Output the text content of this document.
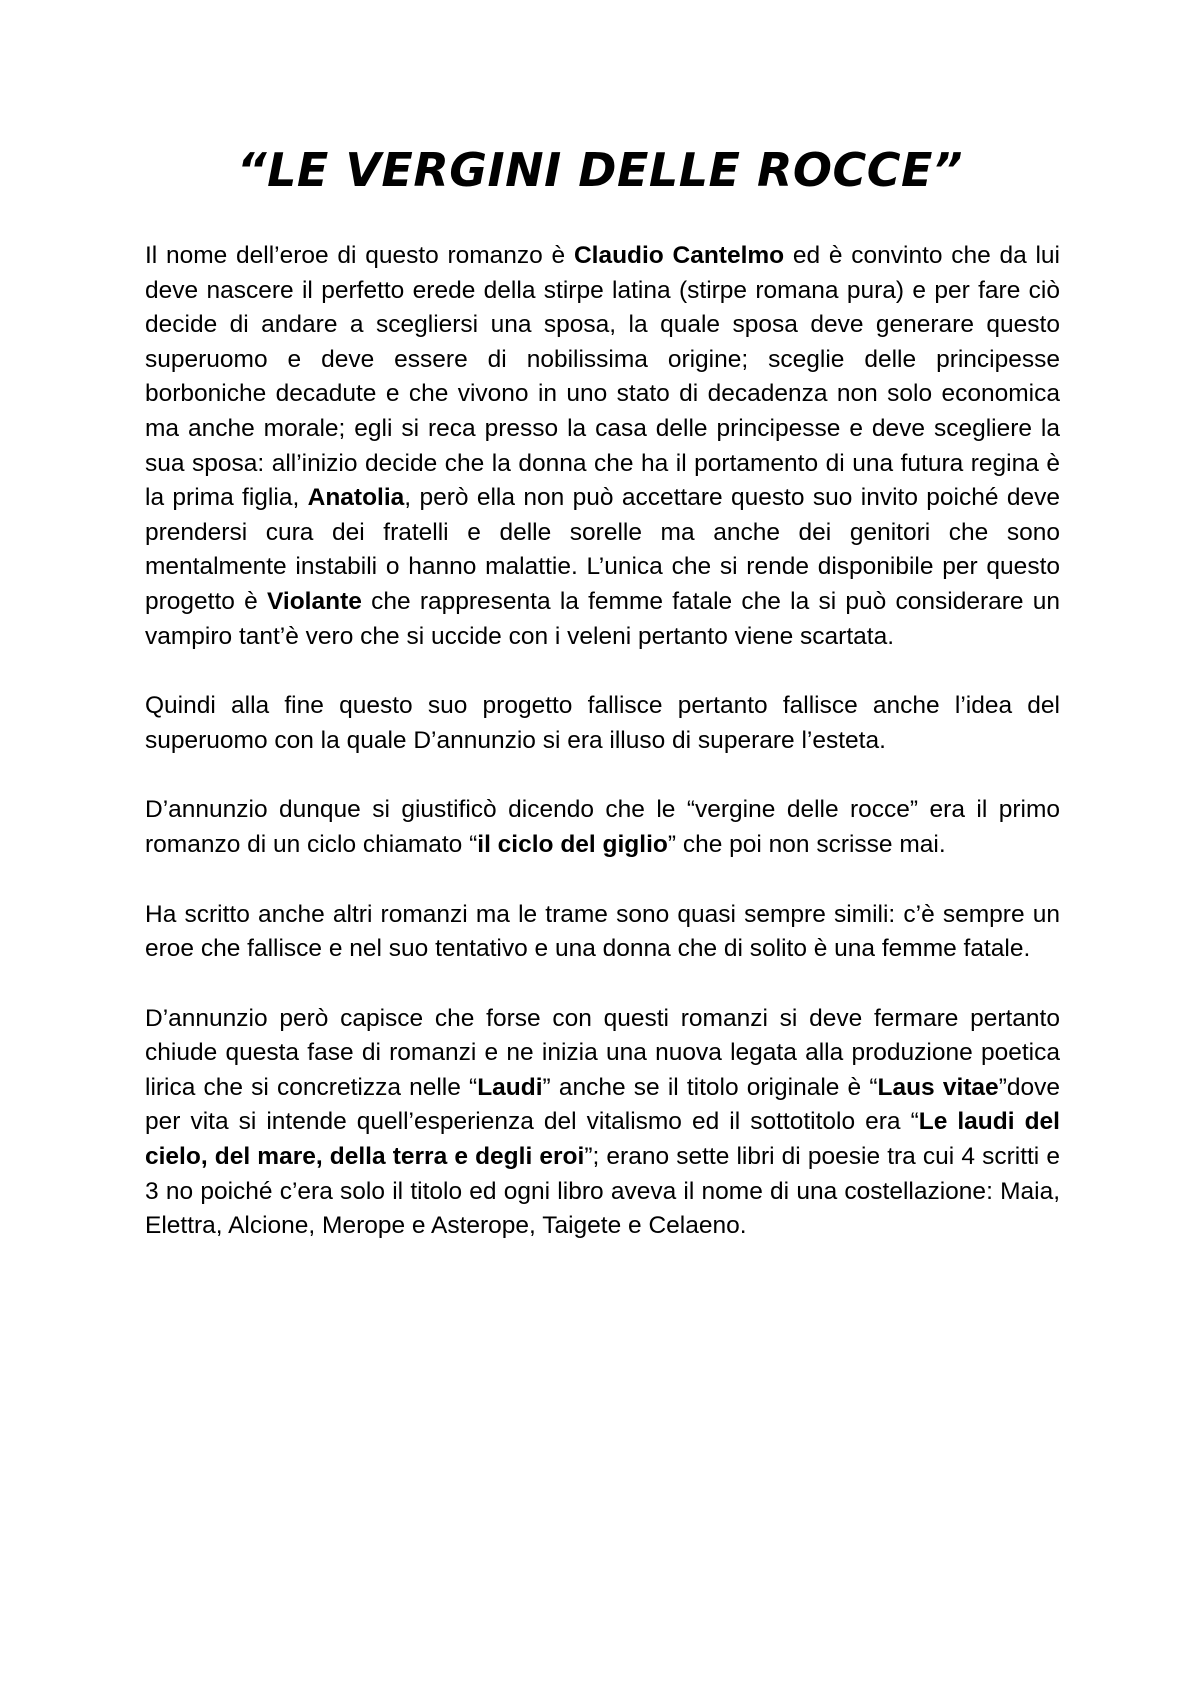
“LE VERGINI DELLE ROCCE”

Il nome dell’eroe di questo romanzo è Claudio Cantelmo ed è convinto che da lui deve nascere il perfetto erede della stirpe latina (stirpe romana pura) e per fare ciò decide di andare a scegliersi una sposa, la quale sposa deve generare questo superuomo e deve essere di nobilissima origine; sceglie delle principesse borboniche decadute e che vivono in uno stato di decadenza non solo economica ma anche morale; egli si reca presso la casa delle principesse e deve scegliere la sua sposa: all’inizio decide che la donna che ha il portamento di una futura regina è la prima figlia, Anatolia, però ella non può accettare questo suo invito poiché deve prendersi cura dei fratelli e delle sorelle ma anche dei genitori che sono mentalmente instabili o hanno malattie. L’unica che si rende disponibile per questo progetto è Violante che rappresenta la femme fatale che la si può considerare un vampiro tant’è vero che si uccide con i veleni pertanto viene scartata.

Quindi alla fine questo suo progetto fallisce pertanto fallisce anche l’idea del superuomo con la quale D’annunzio si era illuso di superare l’esteta.

D’annunzio dunque si giustificò dicendo che le “vergine delle rocce” era il primo romanzo di un ciclo chiamato “il ciclo del giglio” che poi non scrisse mai.

Ha scritto anche altri romanzi ma le trame sono quasi sempre simili: c’è sempre un eroe che fallisce e nel suo tentativo e una donna che di solito è una femme fatale.

D’annunzio però capisce che forse con questi romanzi si deve fermare pertanto chiude questa fase di romanzi e ne inizia una nuova legata alla produzione poetica lirica che si concretizza nelle “Laudi” anche se il titolo originale è “Laus vitae”dove per vita si intende quell’esperienza del vitalismo ed il sottotitolo era “Le laudi del cielo, del mare, della terra e degli eroi”; erano sette libri di poesie tra cui 4 scritti e 3 no poiché c’era solo il titolo ed ogni libro aveva il nome di una costellazione: Maia, Elettra, Alcione, Merope e Asterope, Taigete e Celaeno.
